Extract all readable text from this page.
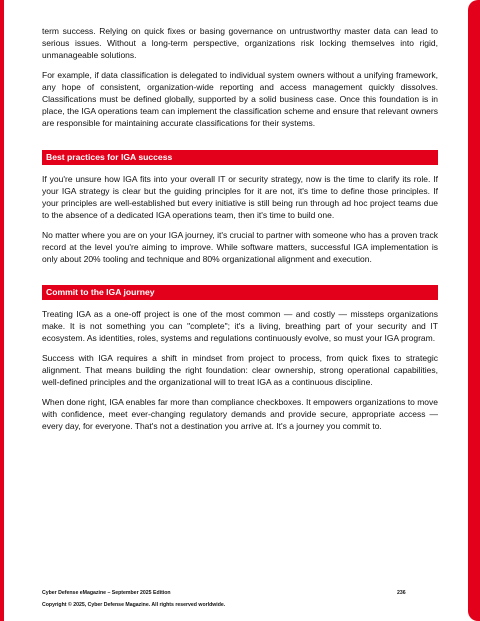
term success. Relying on quick fixes or basing governance on untrustworthy master data can lead to serious issues. Without a long-term perspective, organizations risk locking themselves into rigid, unmanageable solutions.

For example, if data classification is delegated to individual system owners without a unifying framework, any hope of consistent, organization-wide reporting and access management quickly dissolves. Classifications must be defined globally, supported by a solid business case. Once this foundation is in place, the IGA operations team can implement the classification scheme and ensure that relevant owners are responsible for maintaining accurate classifications for their systems.

Best practices for IGA success

If you're unsure how IGA fits into your overall IT or security strategy, now is the time to clarify its role. If your IGA strategy is clear but the guiding principles for it are not, it's time to define those principles. If your principles are well-established but every initiative is still being run through ad hoc project teams due to the absence of a dedicated IGA operations team, then it's time to build one.

No matter where you are on your IGA journey, it's crucial to partner with someone who has a proven track record at the level you're aiming to improve. While software matters, successful IGA implementation is only about 20% tooling and technique and 80% organizational alignment and execution.

Commit to the IGA journey

Treating IGA as a one-off project is one of the most common — and costly — missteps organizations make. It is not something you can "complete"; it's a living, breathing part of your security and IT ecosystem. As identities, roles, systems and regulations continuously evolve, so must your IGA program.

Success with IGA requires a shift in mindset from project to process, from quick fixes to strategic alignment. That means building the right foundation: clear ownership, strong operational capabilities, well-defined principles and the organizational will to treat IGA as a continuous discipline.

When done right, IGA enables far more than compliance checkboxes. It empowers organizations to move with confidence, meet ever-changing regulatory demands and provide secure, appropriate access — every day, for everyone. That's not a destination you arrive at. It's a journey you commit to.

Cyber Defense eMagazine – September 2025 Edition	236
Copyright © 2025, Cyber Defense Magazine. All rights reserved worldwide.
